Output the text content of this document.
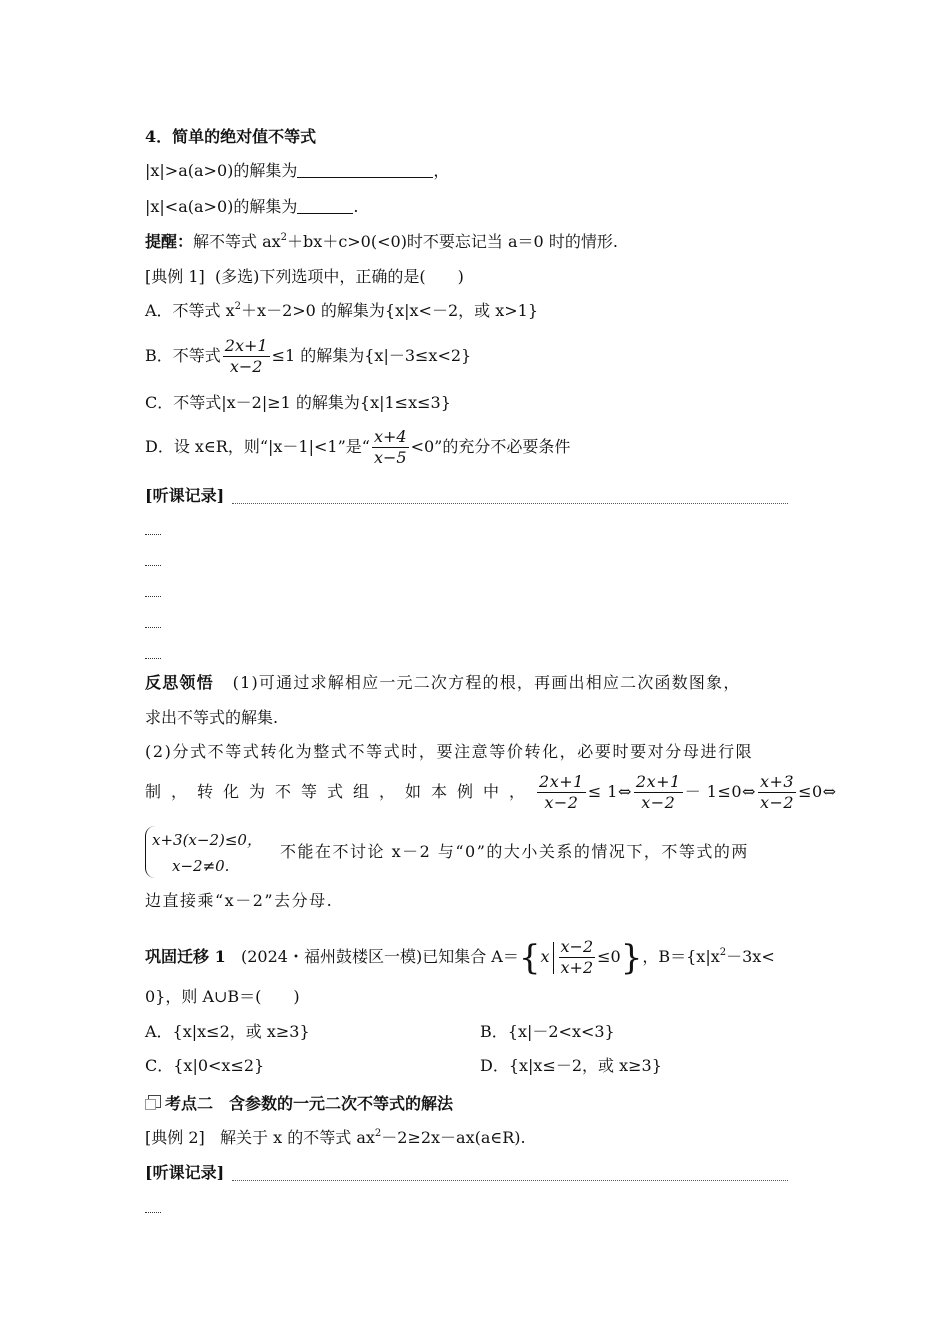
4．简单的绝对值不等式
|x|>a(a>0)的解集为	，
|x|<a(a>0)的解集为	.
提醒：解不等式 $ax^2+bx+c>0(<0)$时不要忘记当 a＝0 时的情形.
[典例 1] (多选)下列选项中，正确的是(　　)
A．不等式 $x^2+x-2>0$ 的解集为{x|x<－2，或 x>1}
B．不等式 $\frac{2x+1}{x-2} \le 1$ 的解集为{x|－3≤x<2}
C．不等式|x－2|≥1 的解集为{x|1≤x≤3}
D．设 x∈R，则“|x－1|<1”是“ $\frac{x+4}{x-5} <0$”的充分不必要条件
[听课记录]
反思领悟 (1)可通过求解相应一元二次方程的根，再画出相应二次函数图象，
求出不等式的解集.
(2)分式不等式转化为整式不等式时，要注意等价转化，必要时要对分母进行限
制，转化为不等式组，如本例中， $\frac{2x+1}{x-2}$ ≤ 1⇔ $\frac{2x+1}{x-2}$ － 1≤0⇔ $\frac{x+3}{x-2}$ ≤0⇔
x+3(x−2)≤0，
x−2≠0.
不能在不讨论 x－2 与“0”的大小关系的情况下，不等式的两
边直接乘“x－2”去分母.
巩固迁移 1 (2024・福州鼓楼区一模)已知集合 $A=\{x \frac{x-2}{x+2} \le 0\}$，$B=\{x|x^2-3x<$
0}，则 A∪B＝(　　)
A．{x|x≤2，或 x≥3}	B．{x|－2<x<3}
C．{x|0<x≤2}	D．{x|x≤－2，或 x≥3}
考点二　含参数的一元二次不等式的解法
[典例 2] 解关于 x 的不等式 $ax^2-2\ge 2x-ax(a\in R)$.
[听课记录]
